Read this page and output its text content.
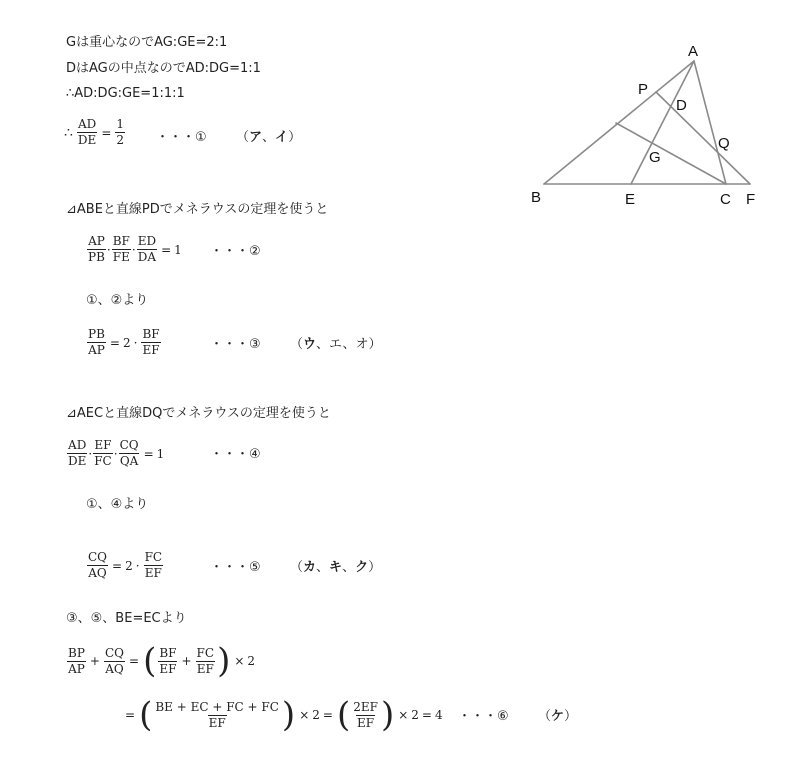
Gは重心なのでAG:GE=2:1
DはAGの中点なのでAD:DG=1:1
∴AD:DG:GE=1:1:1
∴ $\frac{AD}{DE} = \frac{1}{2}$ ・・・① （ア、イ）
⊿ABEと直線PDでメネラウスの定理を使うと
$\frac{AP}{PB} \cdot \frac{BF}{FE} \cdot \frac{ED}{DA} = 1$ ・・・②
①、②より
$\frac{PB}{AP} = 2 \cdot \frac{BF}{EF}$	・・・③ （ウ、エ、オ）
⊿AECと直線DQでメネラウスの定理を使うと
$\frac{AD}{DE} \cdot \frac{EF}{FC} \cdot \frac{CQ}{QA} = 1$	・・・④
①、④より
$\frac{CQ}{AQ} = 2 \cdot \frac{FC}{EF}$	・・・⑤ （カ、キ、ク）
③、⑤、BE=ECより
$\frac{BP}{AP} + \frac{CQ}{AQ}$ = ( $\frac{BF}{EF} + \frac{FC}{EF}$ ) × 2
= ( $\frac{BE + EC + FC + FC}{EF}$ ) × 2 = ( $\frac{2EF}{EF}$ ) × 2 = 4 ・・・⑥ （ケ）
A
P
D
Q
G
B	E	C F
